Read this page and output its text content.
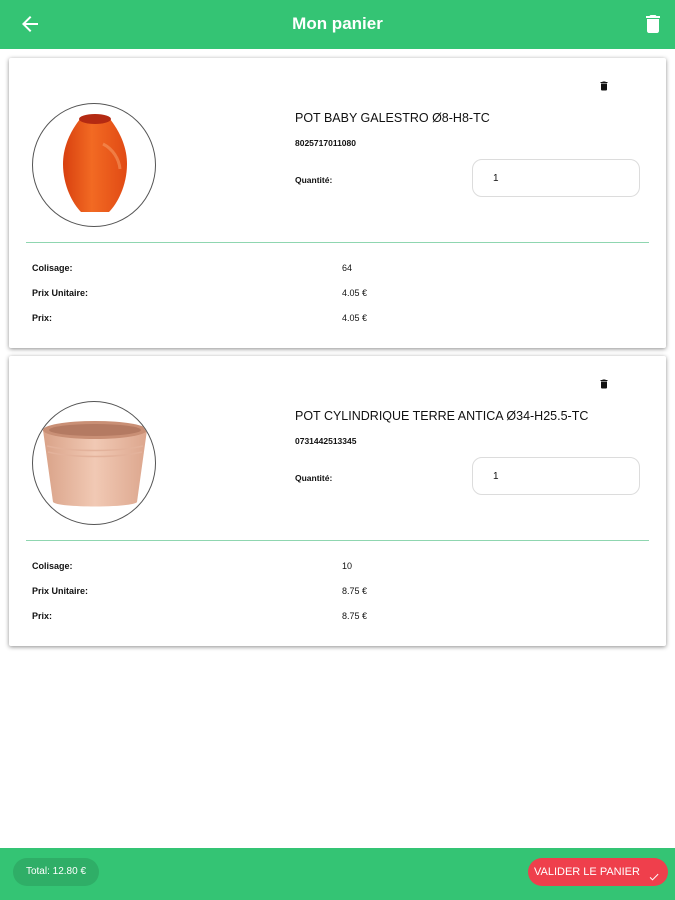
Mon panier
POT BABY GALESTRO Ø8-H8-TC
8025717011080
Quantité:
1
Colisage:	64
Prix Unitaire:	4.05 €
Prix:	4.05 €
POT CYLINDRIQUE TERRE ANTICA Ø34-H25.5-TC
0731442513345
Quantité:
1
Colisage:	10
Prix Unitaire:	8.75 €
Prix:	8.75 €
Total: 12.80 €	VALIDER LE PANIER
